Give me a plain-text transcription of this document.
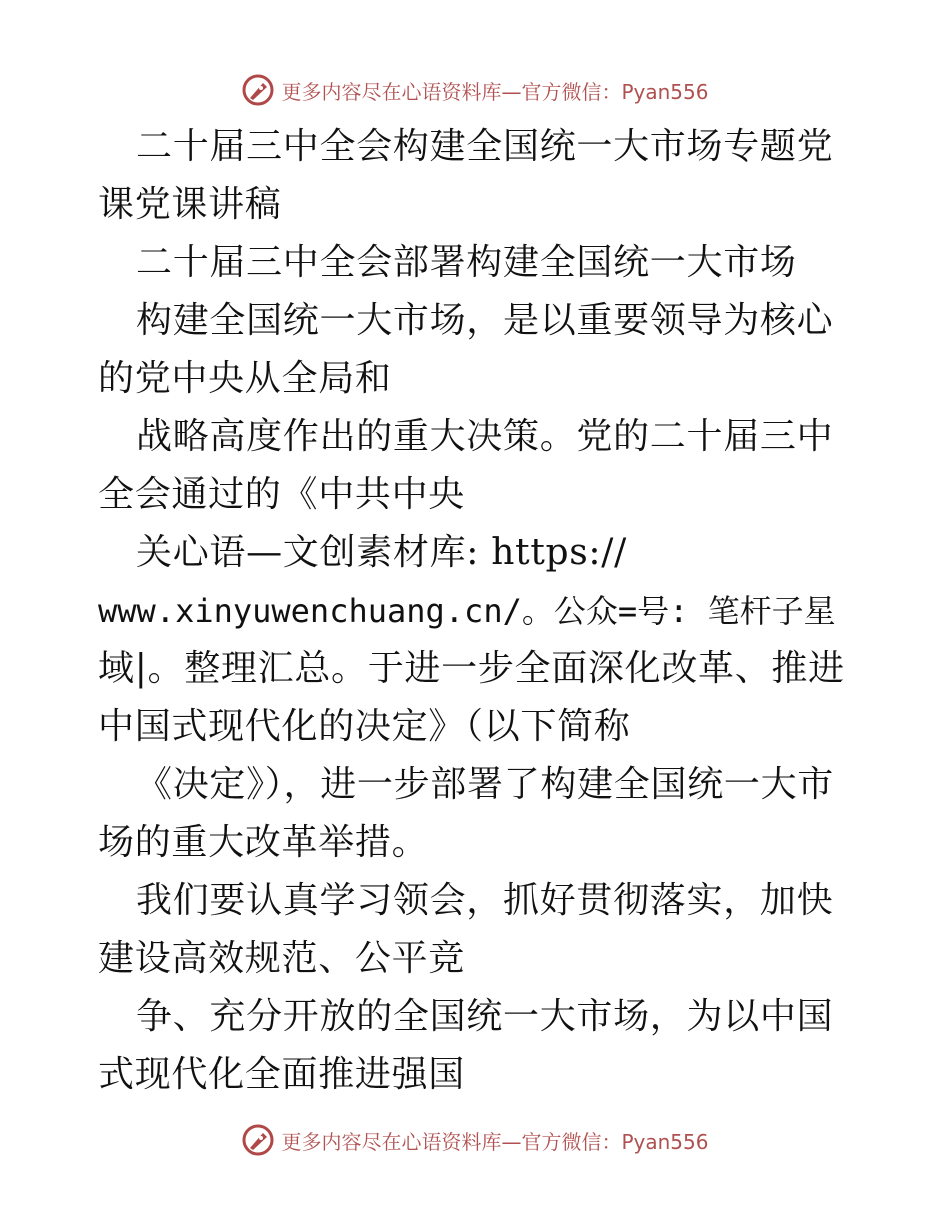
更多内容尽在心语资料库—官方微信：Pyan556

二十届三中全会构建全国统一大市场专题党课党课讲稿

二十届三中全会部署构建全国统一大市场

构建全国统一大市场，是以重要领导为核心的党中央从全局和

战略高度作出的重大决策。党的二十届三中全会通过的《中共中央

关心语—文创素材库: https://

www.xinyuwenchuang.cn/。公众=号: 笔杆子星

域|。整理汇总。于进一步全面深化改革、推进中国式现代化的决定》（以下简称

《决定》），进一步部署了构建全国统一大市场的重大改革举措。

我们要认真学习领会，抓好贯彻落实，加快建设高效规范、公平竞

争、充分开放的全国统一大市场，为以中国式现代化全面推进强国

更多内容尽在心语资料库—官方微信：Pyan556
